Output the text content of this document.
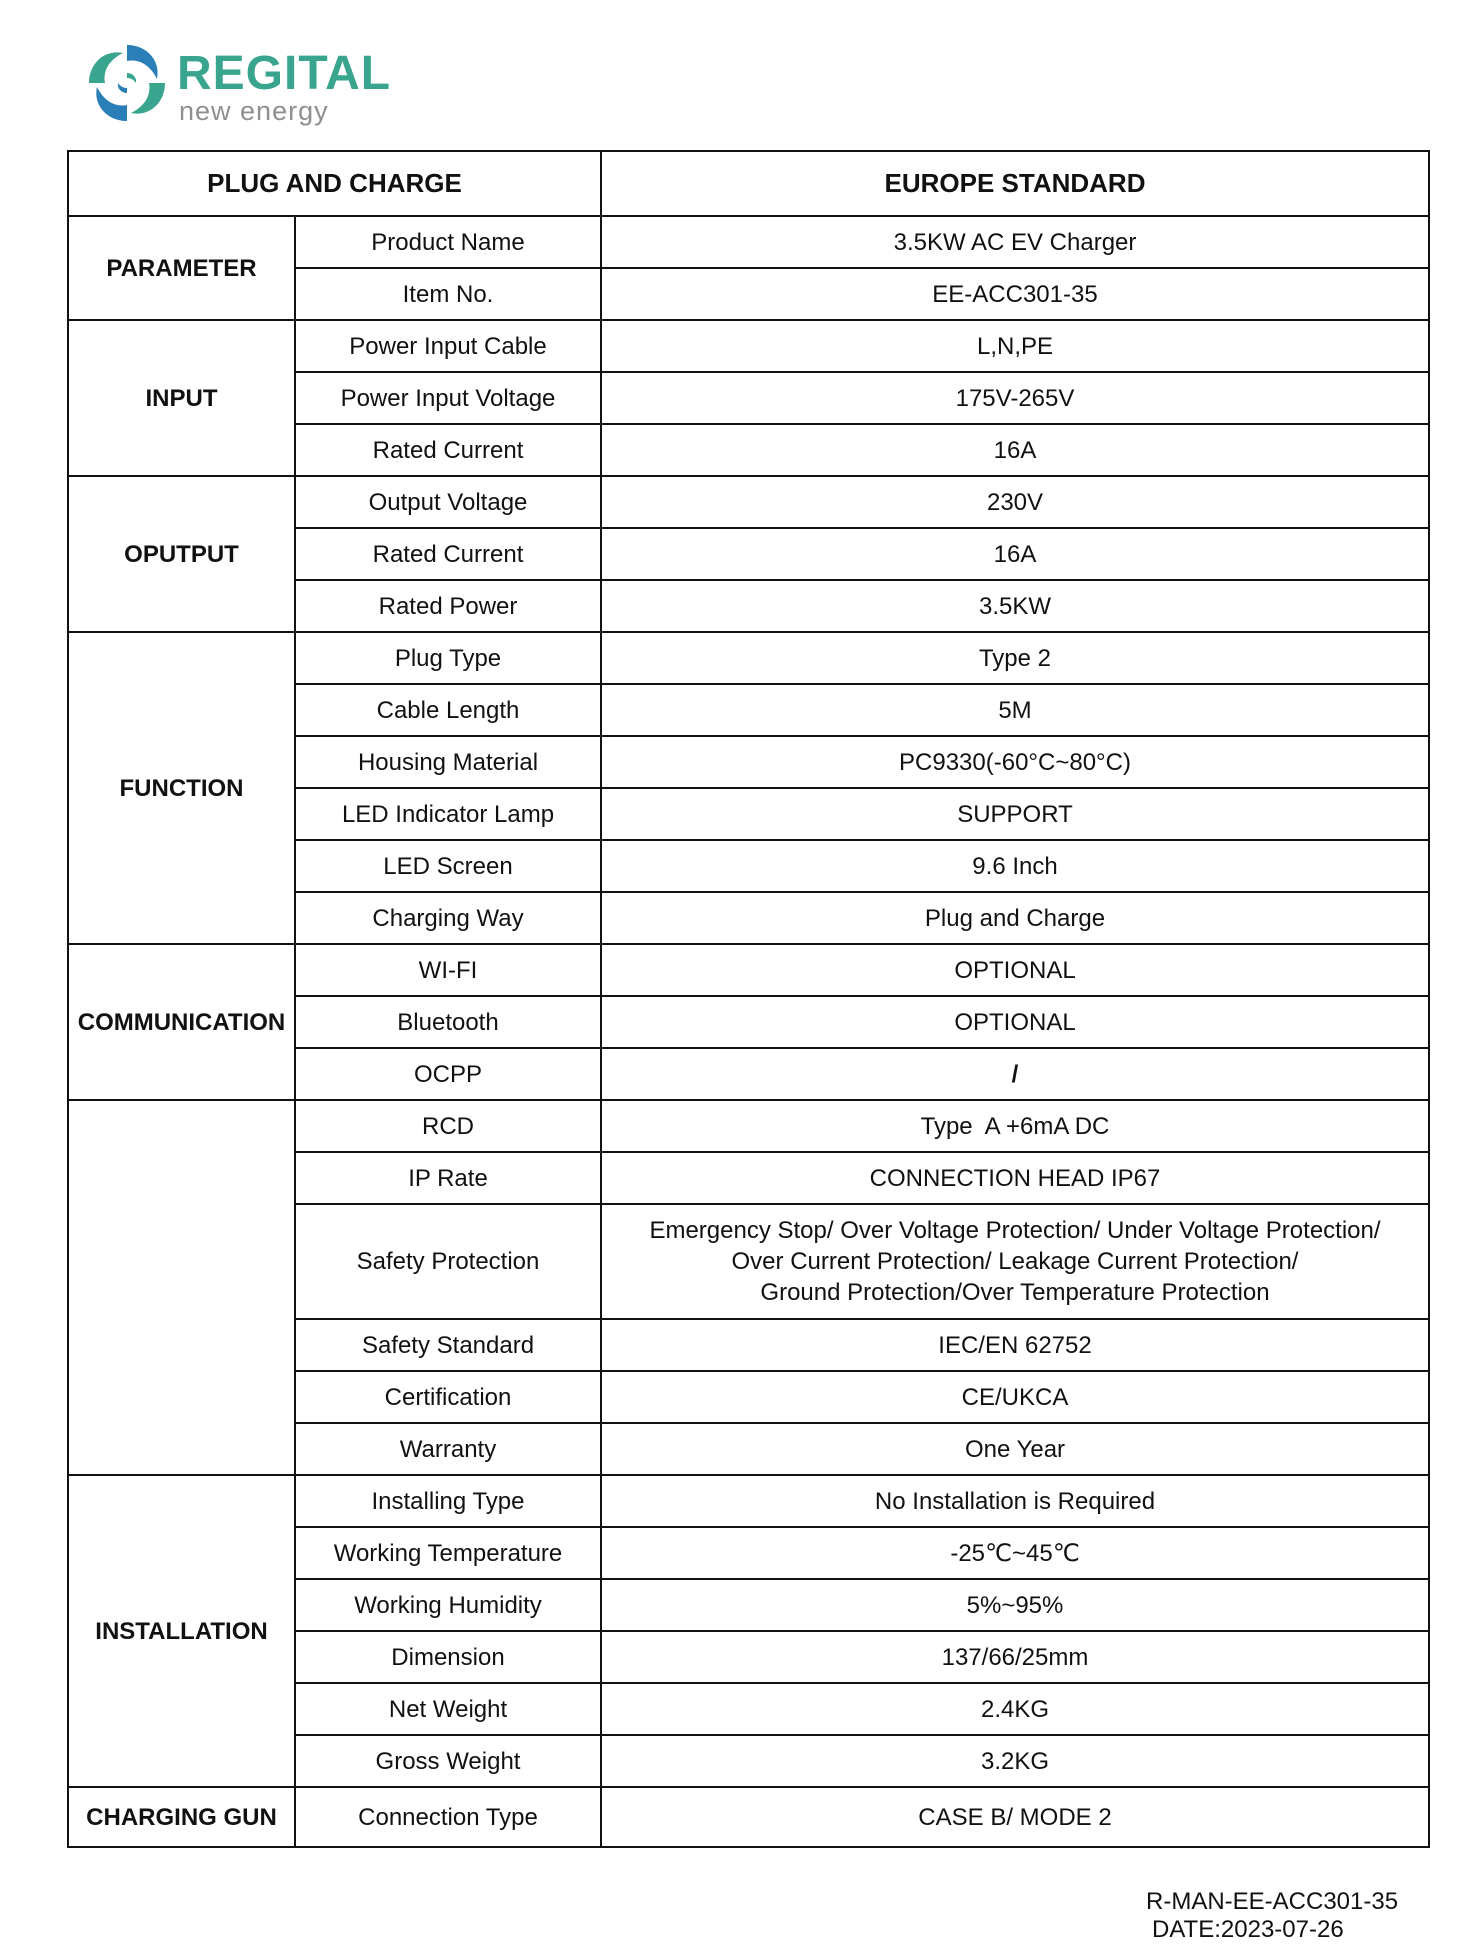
REGITAL
new energy
PLUG AND CHARGE		EUROPE STANDARD
PARAMETER	Product Name	3.5KW AC EV Charger
	Item No.	EE-ACC301-35
INPUT	Power Input Cable	L,N,PE
	Power Input Voltage	175V-265V
	Rated Current	16A
OPUTPUT	Output Voltage	230V
	Rated Current	16A
	Rated Power	3.5KW
FUNCTION	Plug Type	Type 2
	Cable Length	5M
	Housing Material	PC9330(-60°C~80°C)
	LED Indicator Lamp	SUPPORT
	LED Screen	9.6 Inch
	Charging Way	Plug and Charge
COMMUNICATION	WI-FI	OPTIONAL
	Bluetooth	OPTIONAL
	OCPP	/
	RCD	Type  A +6mA DC
	IP Rate	CONNECTION HEAD IP67
	Safety Protection	Emergency Stop/ Over Voltage Protection/ Under Voltage Protection/
Over Current Protection/ Leakage Current Protection/
Ground Protection/Over Temperature Protection

	Safety Standard	IEC/EN 62752
	Certification	CE/UKCA
	Warranty	One Year
INSTALLATION	Installing Type	No Installation is Required
	Working Temperature	-25℃~45℃
	Working Humidity	5%~95%
	Dimension	137/66/25mm
	Net Weight	2.4KG
	Gross Weight	3.2KG
CHARGING GUN	Connection Type	CASE B/ MODE 2
R-MAN-EE-ACC301-35
DATE:2023-07-26
